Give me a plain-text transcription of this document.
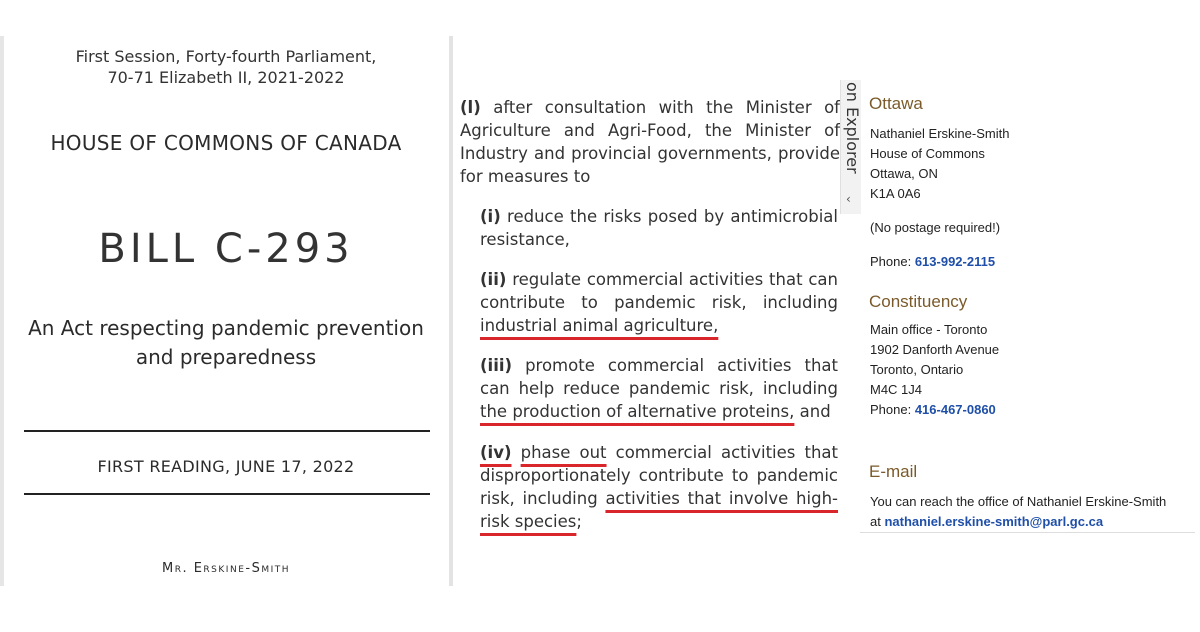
First Session, Forty-fourth Parliament,
70-71 Elizabeth II, 2021-2022
HOUSE OF COMMONS OF CANADA
BILL C-293
An Act respecting pandemic prevention
and preparedness
FIRST READING, JUNE 17, 2022
Mr. Erskine-Smith
(l) after consultation with the Minister of Agriculture and Agri-Food, the Minister of Industry and provincial governments, provide for measures to
(i) reduce the risks posed by antimicrobial resistance,
(ii) regulate commercial activities that can contribute to pandemic risk, including industrial animal agriculture,
(iii) promote commercial activities that can help reduce pandemic risk, including the production of alternative proteins, and
(iv) phase out commercial activities that disproportionately contribute to pandemic risk, including activities that involve high-risk species;
on Explorer
‹
Ottawa
Nathaniel Erskine-Smith
House of Commons
Ottawa, ON
K1A 0A6
(No postage required!)
Phone: 613-992-2115
Constituency
Main office - Toronto
1902 Danforth Avenue
Toronto, Ontario
M4C 1J4
Phone: 416-467-0860
E-mail
You can reach the office of Nathaniel Erskine-Smith
at nathaniel.erskine-smith@parl.gc.ca
